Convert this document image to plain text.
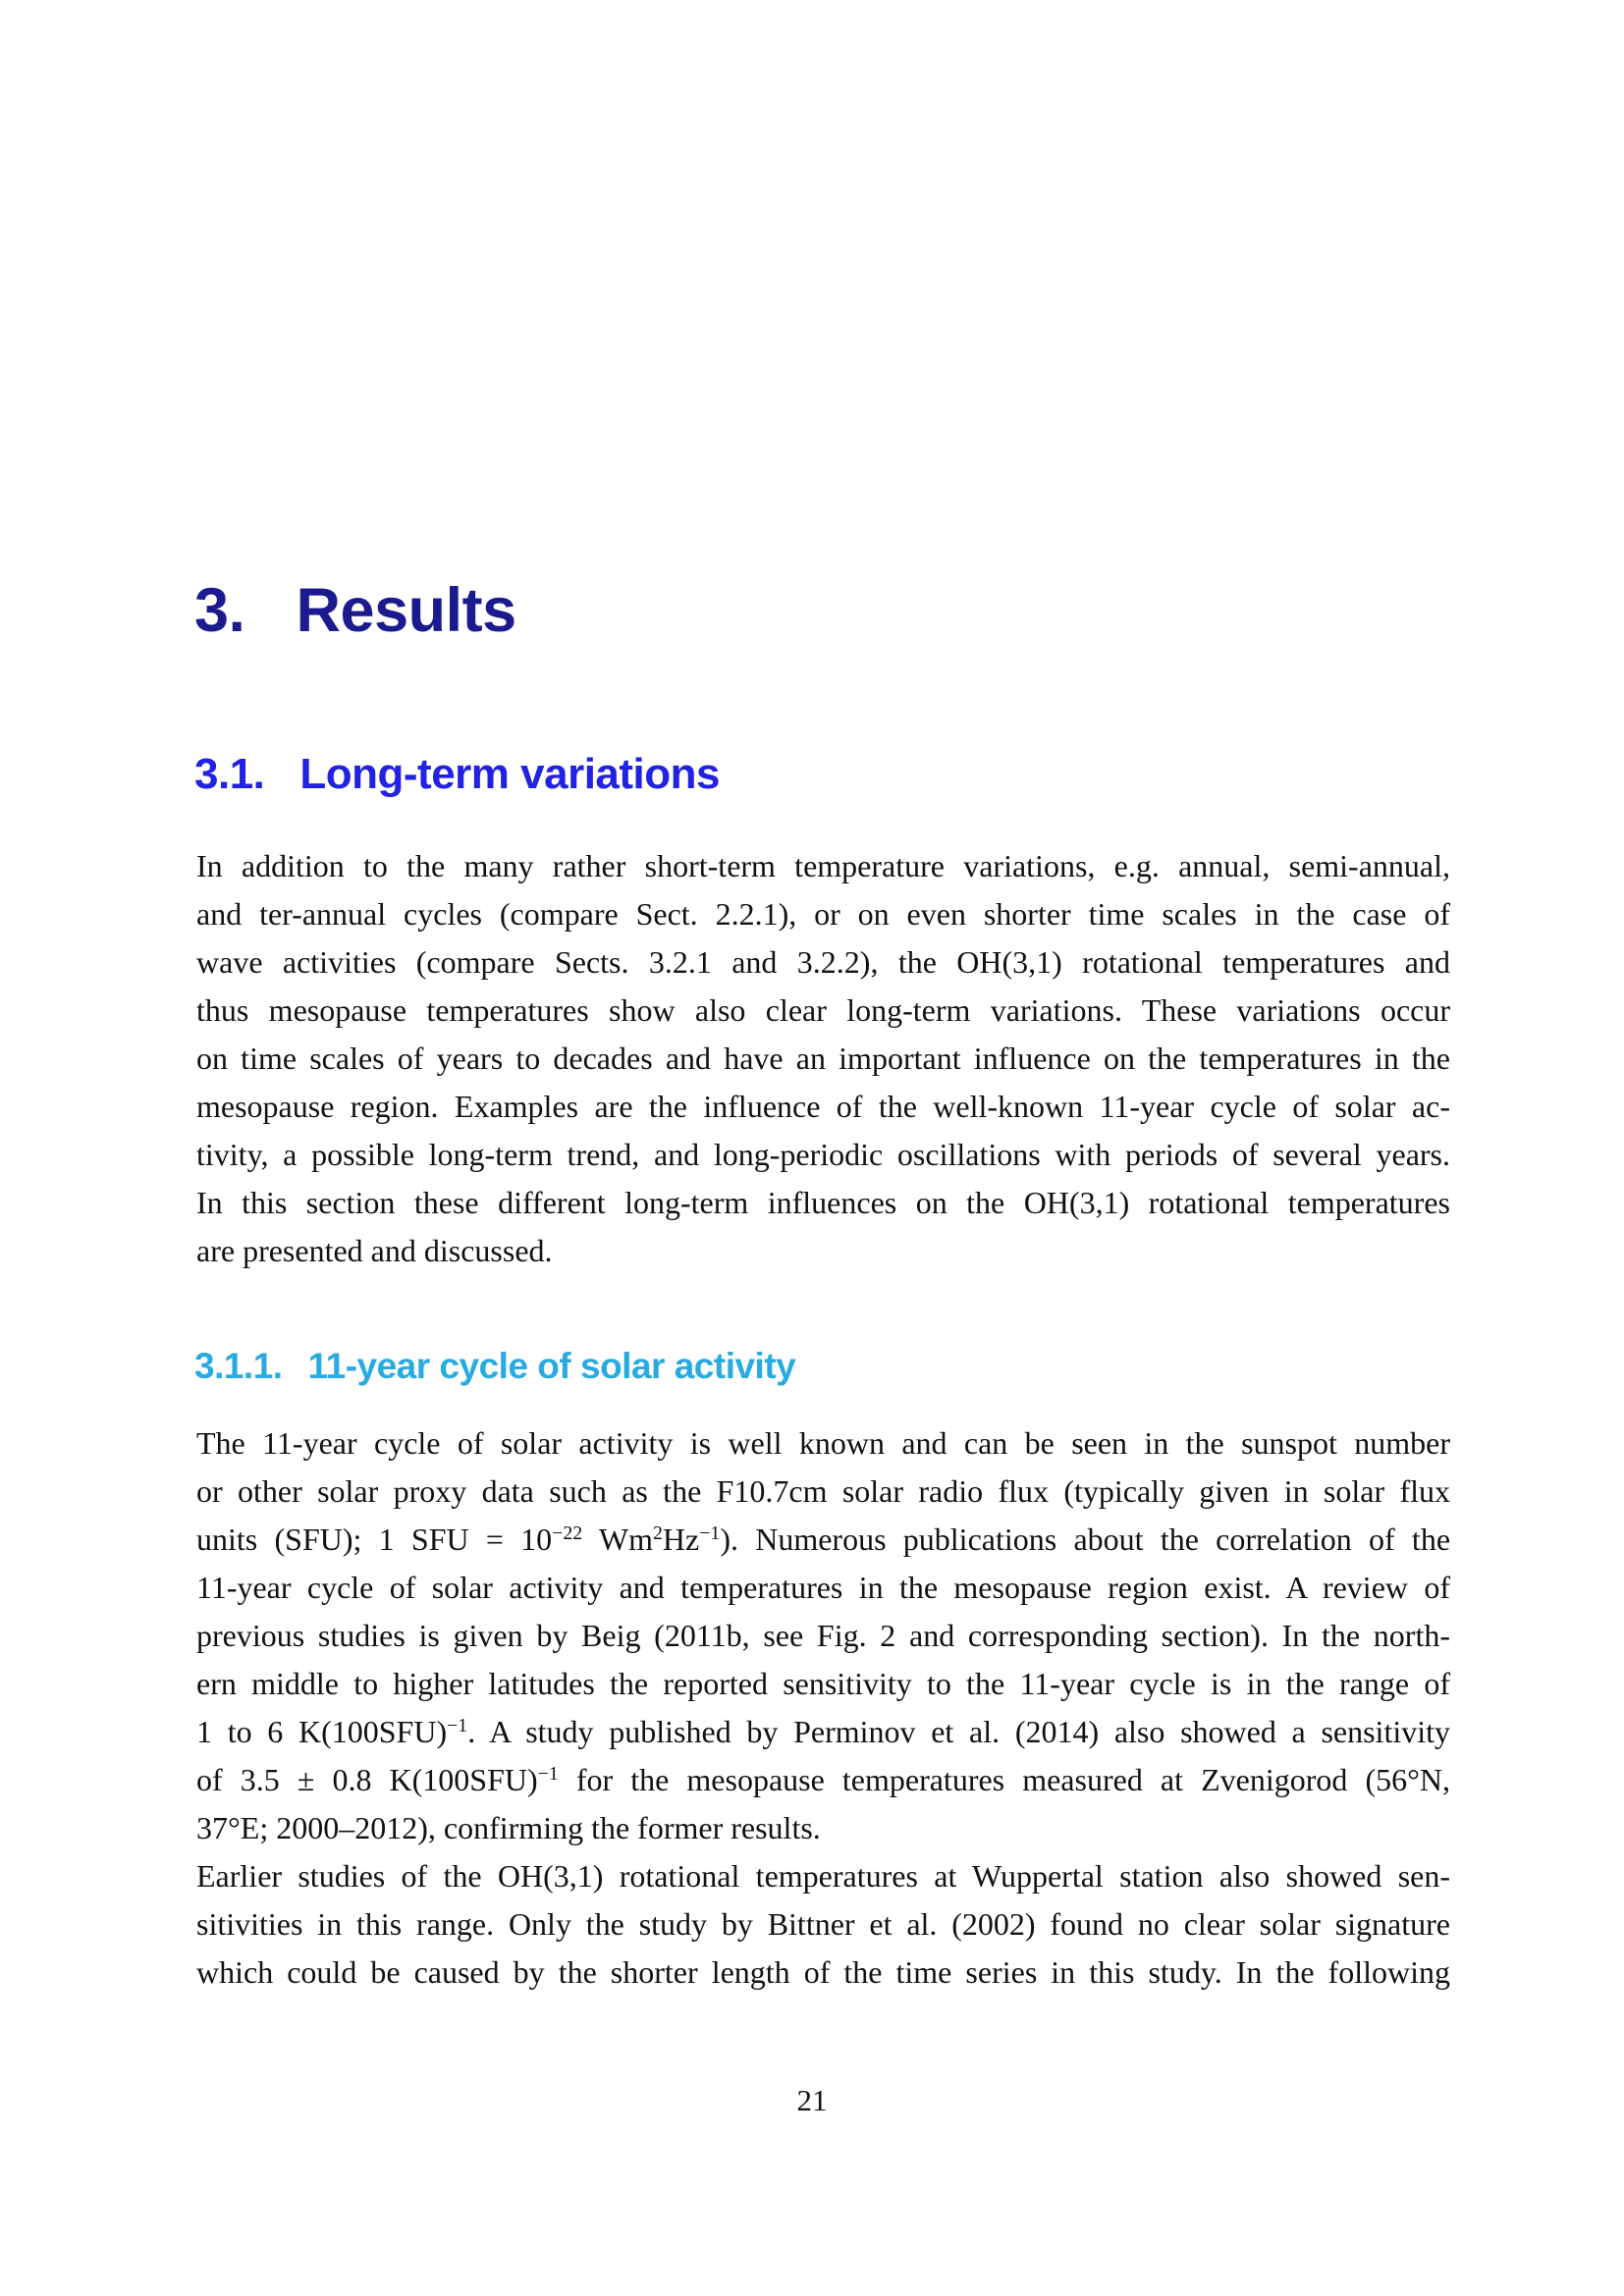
3. Results
3.1. Long-term variations
In addition to the many rather short-term temperature variations, e.g. annual, semi-annual,
and ter-annual cycles (compare Sect. 2.2.1), or on even shorter time scales in the case of
wave activities (compare Sects. 3.2.1 and 3.2.2), the OH(3,1) rotational temperatures and
thus mesopause temperatures show also clear long-term variations. These variations occur
on time scales of years to decades and have an important influence on the temperatures in the
mesopause region. Examples are the influence of the well-known 11-year cycle of solar ac-
tivity, a possible long-term trend, and long-periodic oscillations with periods of several years.
In this section these different long-term influences on the OH(3,1) rotational temperatures
are presented and discussed.
3.1.1. 11-year cycle of solar activity
The 11-year cycle of solar activity is well known and can be seen in the sunspot number
or other solar proxy data such as the F10.7cm solar radio flux (typically given in solar flux
units (SFU); 1 SFU = $10^{-22}$ $Wm^2Hz^{-1}$). Numerous publications about the correlation of the
11-year cycle of solar activity and temperatures in the mesopause region exist. A review of
previous studies is given by Beig (2011b, see Fig. 2 and corresponding section). In the north-
ern middle to higher latitudes the reported sensitivity to the 11-year cycle is in the range of
1 to 6 $K(100SFU)^{-1}$. A study published by Perminov et al. (2014) also showed a sensitivity
of 3.5 ± 0.8 $K(100SFU)^{-1}$ for the mesopause temperatures measured at Zvenigorod (56°N,
37°E; 2000–2012), confirming the former results.
Earlier studies of the OH(3,1) rotational temperatures at Wuppertal station also showed sen-
sitivities in this range. Only the study by Bittner et al. (2002) found no clear solar signature
which could be caused by the shorter length of the time series in this study. In the following
21
